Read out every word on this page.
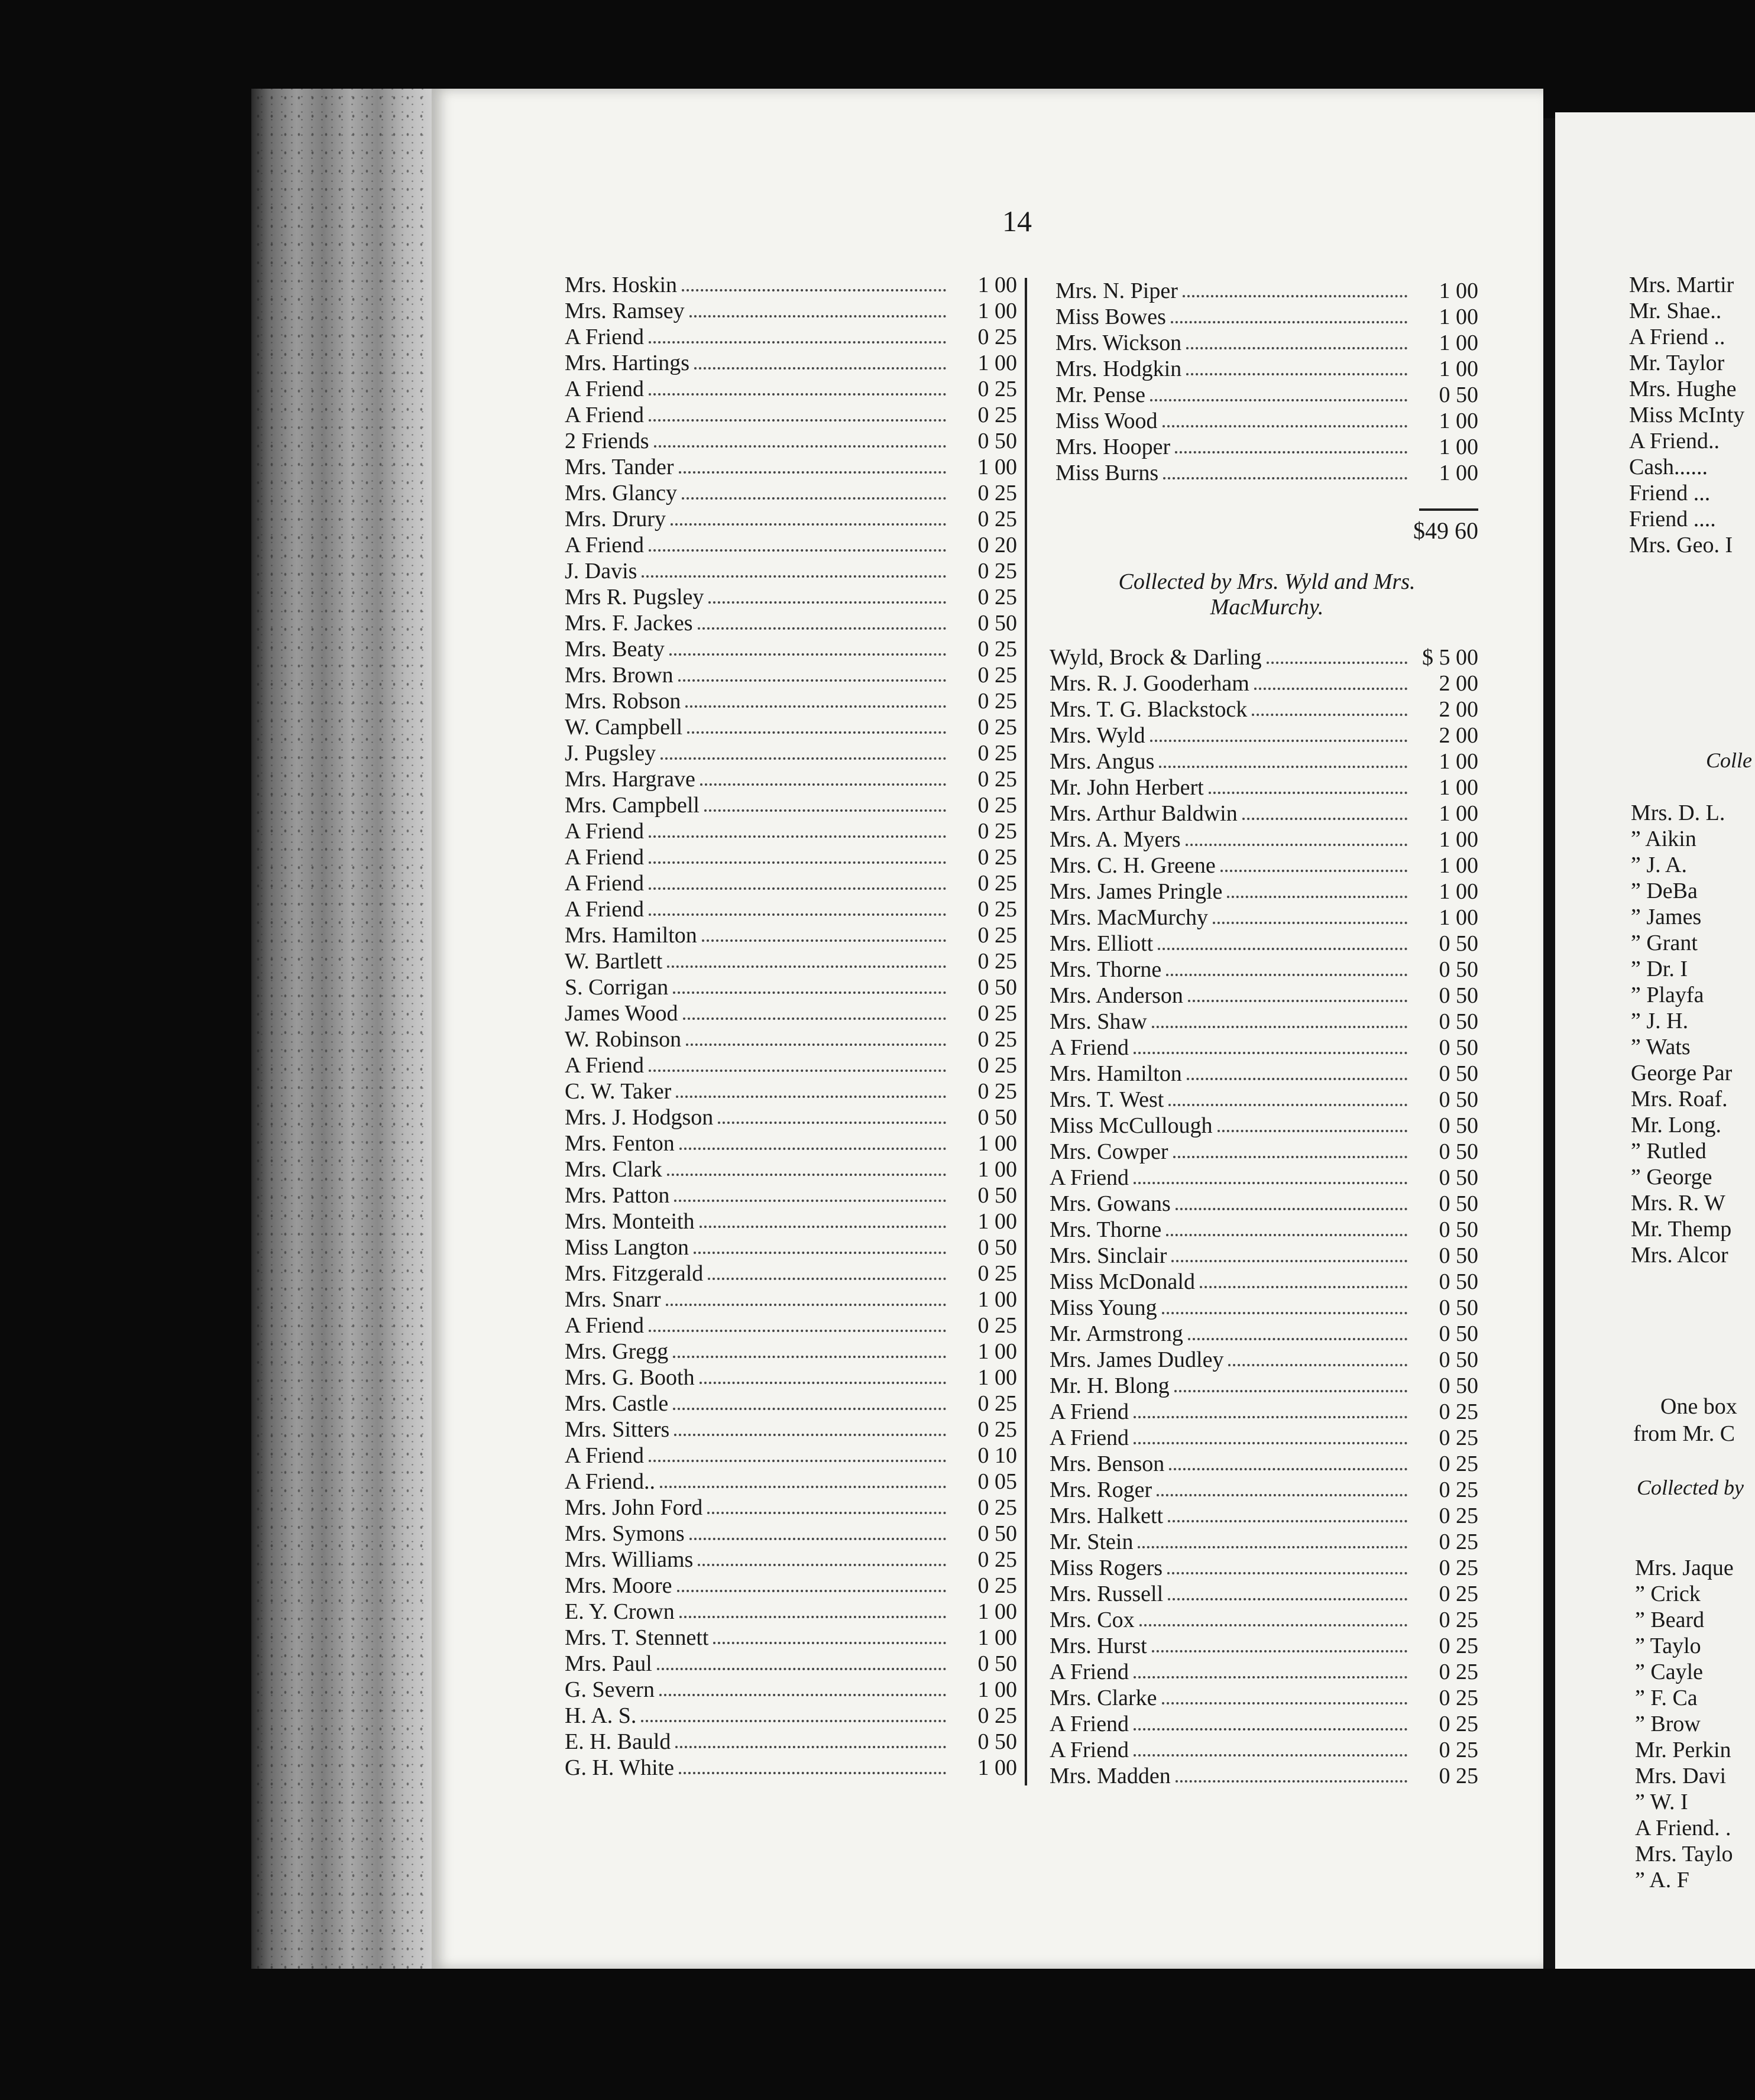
Mrs. Martir
Mr. Shae..
A Friend ..
Mr. Taylor
Mrs. Hughe
Miss McInty
A Friend..
Cash......
Friend ...
Friend ....
Mrs. Geo. I
Colle
Mrs. D. L.
” Aikin
” J. A.
” DeBa
” James
” Grant
” Dr. I
” Playfa
” J. H.
” Wats
George Par
Mrs. Roaf.
Mr. Long.
” Rutled
” George
Mrs. R. W
Mr. Themp
Mrs. Alcor
One box
from Mr. C
Collected by
Mrs. Jaque
” Crick
” Beard
” Taylo
” Cayle
” F. Ca
” Brow
Mr. Perkin
Mrs. Davi
” W. I
A Friend. .
Mrs. Taylo
” A. F
14
Mrs. Hoskin	1 00
Mrs. Ramsey	1 00
A Friend	0 25
Mrs. Hartings	1 00
A Friend	0 25
A Friend	0 25
2 Friends	0 50
Mrs. Tander	1 00
Mrs. Glancy	0 25
Mrs. Drury	0 25
A Friend	0 20
J. Davis	0 25
Mrs R. Pugsley	0 25
Mrs. F. Jackes	0 50
Mrs. Beaty	0 25
Mrs. Brown	0 25
Mrs. Robson	0 25
W. Campbell	0 25
J. Pugsley	0 25
Mrs. Hargrave	0 25
Mrs. Campbell	0 25
A Friend	0 25
A Friend	0 25
A Friend	0 25
A Friend	0 25
Mrs. Hamilton	0 25
W. Bartlett	0 25
S. Corrigan	0 50
James Wood	0 25
W. Robinson	0 25
A Friend	0 25
C. W. Taker	0 25
Mrs. J. Hodgson	0 50
Mrs. Fenton	1 00
Mrs. Clark	1 00
Mrs. Patton	0 50
Mrs. Monteith	1 00
Miss Langton	0 50
Mrs. Fitzgerald	0 25
Mrs. Snarr	1 00
A Friend	0 25
Mrs. Gregg	1 00
Mrs. G. Booth	1 00
Mrs. Castle	0 25
Mrs. Sitters	0 25
A Friend	0 10
A Friend..	0 05
Mrs. John Ford	0 25
Mrs. Symons	0 50
Mrs. Williams	0 25
Mrs. Moore	0 25
E. Y. Crown	1 00
Mrs. T. Stennett	1 00
Mrs. Paul	0 50
G. Severn	1 00
H. A. S.	0 25
E. H. Bauld	0 50
G. H. White	1 00
Mrs. N. Piper	1 00
Miss Bowes	1 00
Mrs. Wickson	1 00
Mrs. Hodgkin	1 00
Mr. Pense	0 50
Miss Wood	1 00
Mrs. Hooper	1 00
Miss Burns	1 00
$49 60
Collected by Mrs. Wyld and Mrs.
MacMurchy.
Wyld, Brock & Darling	$ 5 00
Mrs. R. J. Gooderham	2 00
Mrs. T. G. Blackstock	2 00
Mrs. Wyld	2 00
Mrs. Angus	1 00
Mr. John Herbert	1 00
Mrs. Arthur Baldwin	1 00
Mrs. A. Myers	1 00
Mrs. C. H. Greene	1 00
Mrs. James Pringle	1 00
Mrs. MacMurchy	1 00
Mrs. Elliott	0 50
Mrs. Thorne	0 50
Mrs. Anderson	0 50
Mrs. Shaw	0 50
A Friend	0 50
Mrs. Hamilton	0 50
Mrs. T. West	0 50
Miss McCullough	0 50
Mrs. Cowper	0 50
A Friend	0 50
Mrs. Gowans	0 50
Mrs. Thorne	0 50
Mrs. Sinclair	0 50
Miss McDonald	0 50
Miss Young	0 50
Mr. Armstrong	0 50
Mrs. James Dudley	0 50
Mr. H. Blong	0 50
A Friend	0 25
A Friend	0 25
Mrs. Benson	0 25
Mrs. Roger	0 25
Mrs. Halkett	0 25
Mr. Stein	0 25
Miss Rogers	0 25
Mrs. Russell	0 25
Mrs. Cox	0 25
Mrs. Hurst	0 25
A Friend	0 25
Mrs. Clarke	0 25
A Friend	0 25
A Friend	0 25
Mrs. Madden	0 25
